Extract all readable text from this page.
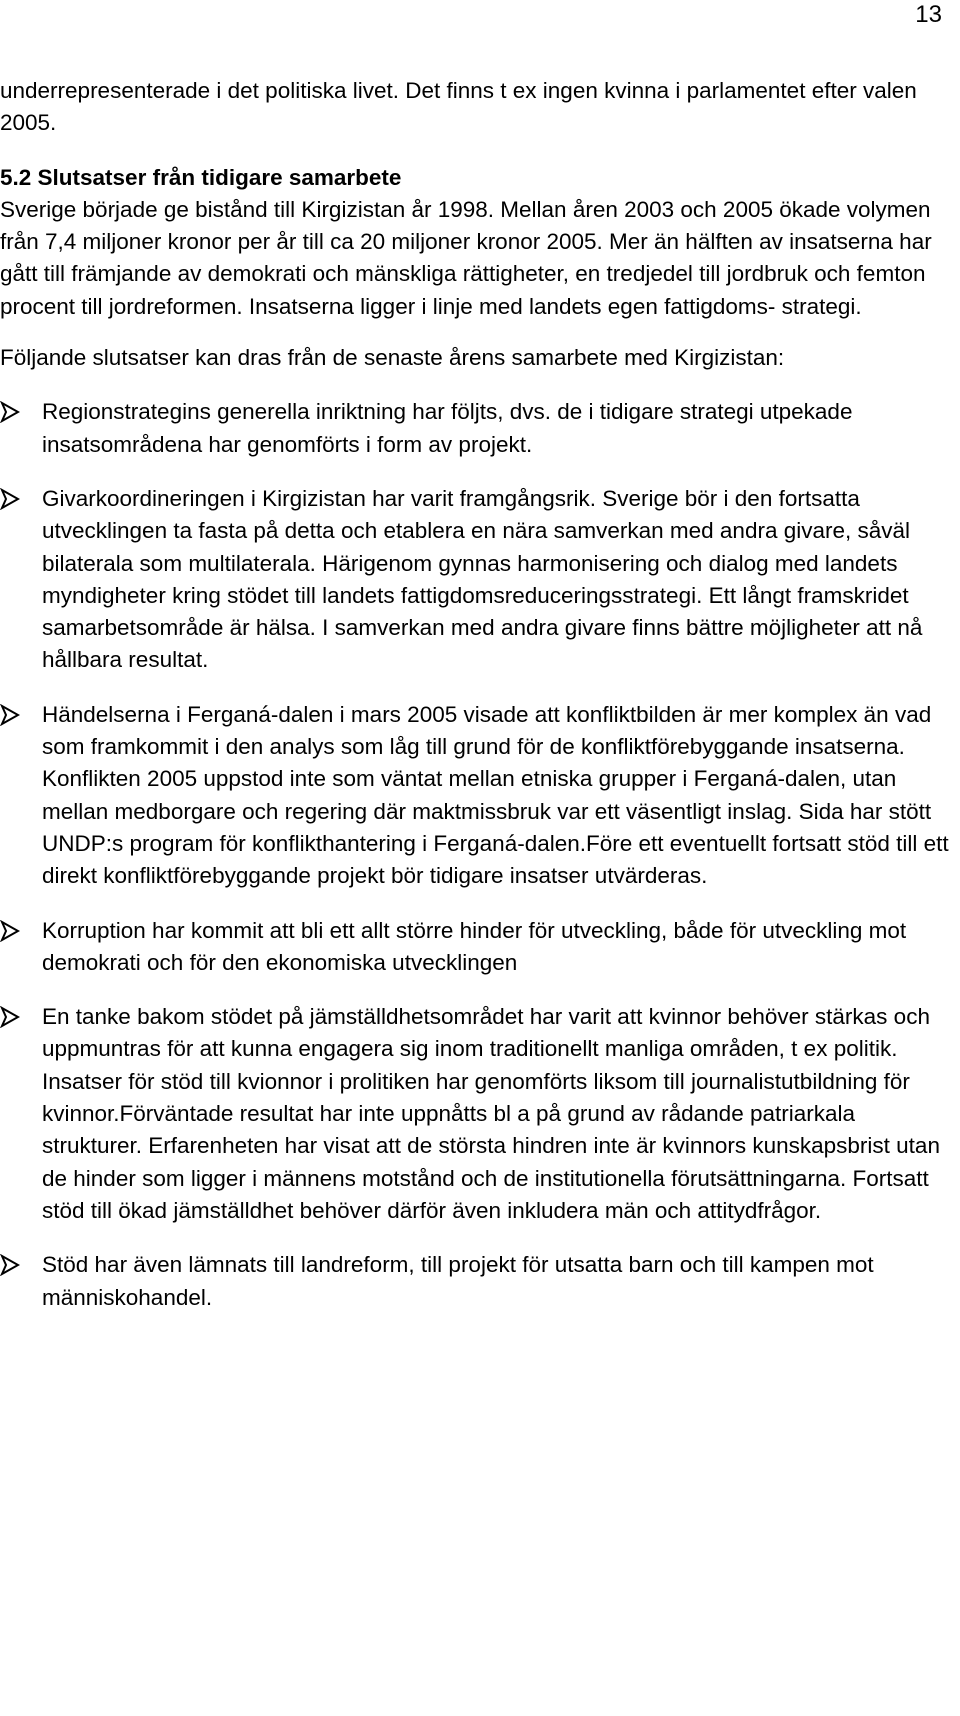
13

underrepresenterade i det politiska livet. Det finns t ex ingen kvinna i parlamentet efter valen 2005.

5.2 Slutsatser från tidigare samarbete

Sverige började ge bistånd till Kirgizistan år 1998. Mellan åren 2003 och 2005 ökade volymen från 7,4 miljoner kronor per år till ca 20 miljoner kronor 2005. Mer än hälften av insatserna har gått till främjande av demokrati och mänskliga rättigheter, en tredjedel till jordbruk och femton procent till jordreformen. Insatserna ligger i linje med landets egen fattigdoms- strategi.

Följande slutsatser kan dras från de senaste årens samarbete med Kirgizistan:

Regionstrategins generella inriktning har följts, dvs. de i tidigare strategi utpekade insatsområdena har genomförts i form av projekt.
Givarkoordineringen i Kirgizistan har varit framgångsrik. Sverige bör i den fortsatta utvecklingen ta fasta på detta och etablera en nära samverkan med andra givare, såväl bilaterala som multilaterala. Härigenom gynnas harmonisering och dialog med landets myndigheter kring stödet till landets fattigdomsreduceringsstrategi. Ett långt framskridet samarbetsområde är hälsa. I samverkan med andra givare finns bättre möjligheter att nå hållbara resultat.
Händelserna i Ferganá-dalen i mars 2005 visade att konfliktbilden är mer komplex än vad som framkommit i den analys som låg till grund för de konfliktförebyggande insatserna. Konflikten 2005 uppstod inte som väntat mellan etniska grupper i Ferganá-dalen, utan mellan medborgare och regering där maktmissbruk var ett väsentligt inslag. Sida har stött UNDP:s program för konflikthantering i Ferganá-dalen.Före ett eventuellt fortsatt stöd till ett direkt konfliktförebyggande projekt bör tidigare insatser utvärderas.
Korruption har kommit att bli ett allt större hinder för utveckling, både för utveckling mot demokrati och för den ekonomiska utvecklingen
En tanke bakom stödet på jämställdhetsområdet har varit att kvinnor behöver stärkas och uppmuntras för att kunna engagera sig inom traditionellt manliga områden, t ex politik. Insatser för stöd till kvionnor i prolitiken har genomförts liksom till journalistutbildning för kvinnor.Förväntade resultat har inte uppnåtts bl a på grund av rådande patriarkala strukturer. Erfarenheten har visat att de största hindren inte är kvinnors kunskapsbrist utan de hinder som ligger i männens motstånd och de institutionella förutsättningarna. Fortsatt stöd till ökad jämställdhet behöver därför även inkludera män och attitydfrågor.
Stöd har även lämnats till landreform, till projekt för utsatta barn och till kampen mot människohandel.
